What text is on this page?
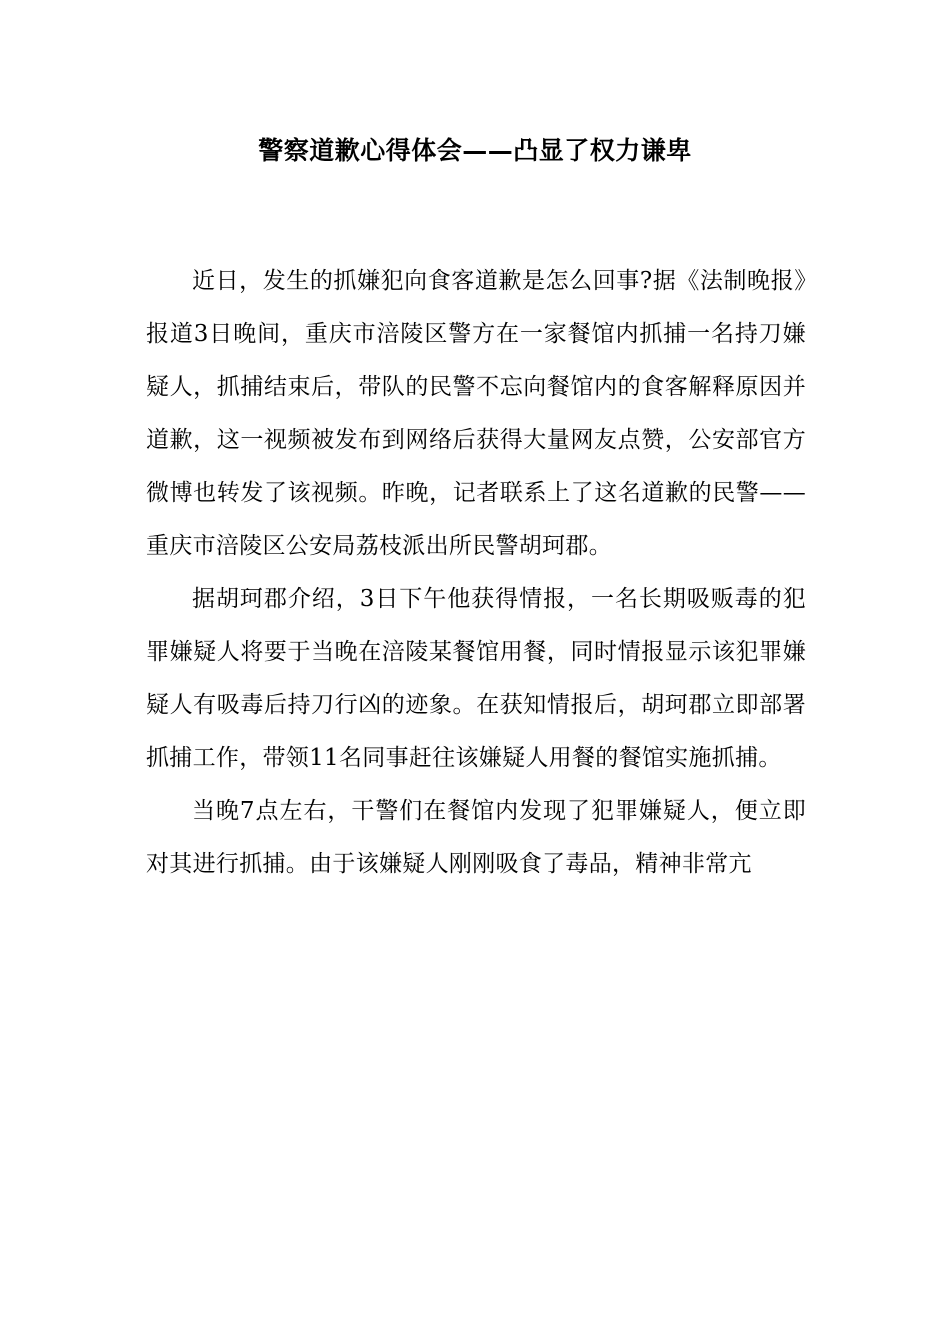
警察道歉心得体会——凸显了权力谦卑

近日，发生的抓嫌犯向食客道歉是怎么回事?据《法制晚报》报道3日晚间，重庆市涪陵区警方在一家餐馆内抓捕一名持刀嫌疑人，抓捕结束后，带队的民警不忘向餐馆内的食客解释原因并道歉，这一视频被发布到网络后获得大量网友点赞，公安部官方微博也转发了该视频。昨晚，记者联系上了这名道歉的民警——重庆市涪陵区公安局荔枝派出所民警胡珂郡。

据胡珂郡介绍，3日下午他获得情报，一名长期吸贩毒的犯罪嫌疑人将要于当晚在涪陵某餐馆用餐，同时情报显示该犯罪嫌疑人有吸毒后持刀行凶的迹象。在获知情报后，胡珂郡立即部署抓捕工作，带领11名同事赶往该嫌疑人用餐的餐馆实施抓捕。

当晚7点左右，干警们在餐馆内发现了犯罪嫌疑人，便立即对其进行抓捕。由于该嫌疑人刚刚吸食了毒品，精神非常亢
